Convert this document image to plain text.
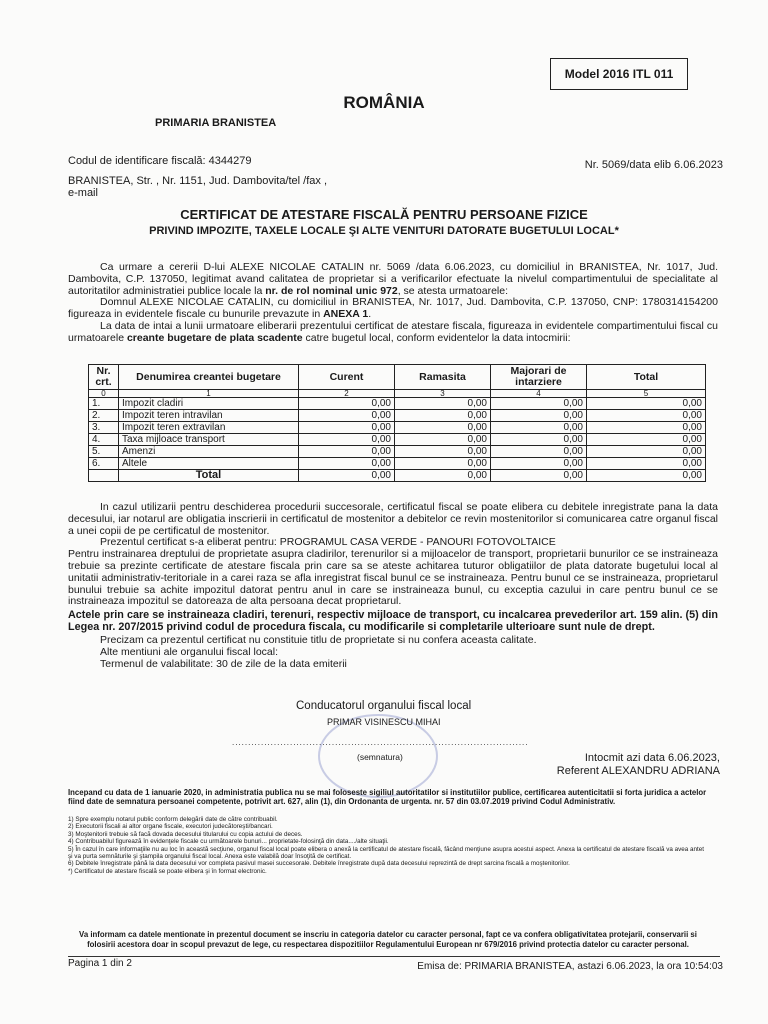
Model 2016 ITL 011
ROMÂNIA
PRIMARIA BRANISTEA
Codul de identificare fiscală: 4344279	Nr. 5069/data elib 6.06.2023
BRANISTEA, Str. , Nr. 1151, Jud. Dambovita/tel /fax ,
e-mail
CERTIFICAT DE ATESTARE FISCALĂ PENTRU PERSOANE FIZICE
PRIVIND IMPOZITE, TAXELE LOCALE ŞI ALTE VENITURI DATORATE BUGETULUI LOCAL*

Ca urmare a cererii D-lui ALEXE NICOLAE CATALIN nr. 5069 /data 6.06.2023, cu domiciliul in BRANISTEA, Nr. 1017, Jud. Dambovita, C.P. 137050, legitimat avand calitatea de proprietar si a verificarilor efectuate la nivelul compartimentului de specialitate al autoritatilor administratiei publice locale la nr. de rol nominal unic 972, se atesta urmatoarele:

Domnul ALEXE NICOLAE CATALIN, cu domiciliul in BRANISTEA, Nr. 1017, Jud. Dambovita, C.P. 137050, CNP: 1780314154200 figureaza in evidentele fiscale cu bunurile prevazute in ANEXA 1.

La data de intai a lunii urmatoare eliberarii prezentului certificat de atestare fiscala, figureaza in evidentele compartimentului fiscal cu urmatoarele creante bugetare de plata scadente catre bugetul local, conform evidentelor la data intocmirii:

Nr. crt.	Denumirea creantei bugetare	Curent	Ramasita	Majorari de intarziere	Total
0	1	2	3	4	5
1.	Impozit cladiri	0,00	0,00	0,00	0,00
2.	Impozit teren intravilan	0,00	0,00	0,00	0,00
3.	Impozit teren extravilan	0,00	0,00	0,00	0,00
4.	Taxa mijloace transport	0,00	0,00	0,00	0,00
5.	Amenzi	0,00	0,00	0,00	0,00
6.	Altele	0,00	0,00	0,00	0,00
	Total	0,00	0,00	0,00	0,00

In cazul utilizarii pentru deschiderea procedurii succesorale, certificatul fiscal se poate elibera cu debitele inregistrate pana la data decesului, iar notarul are obligatia inscrierii in certificatul de mostenitor a debitelor ce revin mostenitorilor si comunicarea catre organul fiscal a unei copii de pe certificatul de mostenitor.

Prezentul certificat s-a eliberat pentru: PROGRAMUL CASA VERDE - PANOURI FOTOVOLTAICE

Pentru instrainarea dreptului de proprietate asupra cladirilor, terenurilor si a mijloacelor de transport, proprietarii bunurilor ce se instraineaza trebuie sa prezinte certificate de atestare fiscala prin care sa se ateste achitarea tuturor obligatiilor de plata datorate bugetului local al unitatii administrativ-teritoriale in a carei raza se afla inregistrat fiscal bunul ce se instraineaza. Pentru bunul ce se instraineaza, proprietarul bunului trebuie sa achite impozitul datorat pentru anul in care se instraineaza bunul, cu exceptia cazului in care pentru bunul ce se instraineaza impozitul se datoreaza de alta persoana decat proprietarul.

Actele prin care se instraineaza cladiri, terenuri, respectiv mijloace de transport, cu incalcarea prevederilor art. 159 alin. (5) din Legea nr. 207/2015 privind codul de procedura fiscala, cu modificarile si completarile ulterioare sunt nule de drept.

Precizam ca prezentul certificat nu constituie titlu de proprietate si nu confera aceasta calitate.

Alte mentiuni ale organului fiscal local:

Termenul de valabilitate: 30 de zile de la data emiterii

Conducatorul organului fiscal local
PRIMAR VISINESCU MIHAI
............................................................................................
(semnatura)	Intocmit azi data 6.06.2023,
Referent ALEXANDRU ADRIANA
Incepand cu data de 1 ianuarie 2020, in administratia publica nu se mai foloseste sigiliul autoritatilor si institutiilor publice, certificarea autenticitatii si forta juridica a actelor fiind date de semnatura persoanei competente, potrivit art. 627, alin (1), din Ordonanta de urgenta. nr. 57 din 03.07.2019 privind Codul Administrativ.

1) Spre exemplu notarul public conform delegării date de către contribuabil.

2) Executorii fiscali ai altor organe fiscale, executori judecătoreşti/bancari.

3) Moştenitorii trebuie să facă dovada decesului titularului cu copia actului de deces.

4) Contribuabilul figurează în evidenţele fiscale cu următoarele bunuri... proprietate-folosinţă din data..../alte situaţii.

5) În cazul în care informaţiile nu au loc în această secţiune, organul fiscal local poate elibera o anexă la certificatul de atestare fiscală, făcând menţiune asupra acestui aspect. Anexa la certificatul de atestare fiscală va avea antet şi va purta semnăturile şi ştampila organului fiscal local. Anexa este valabilă doar însoţită de certificat.

6) Debitele înregistrate până la data decesului vor completa pasivul masei succesorale. Debitele înregistrate după data decesului reprezintă de drept sarcina fiscală a moştenitorilor.

*) Certificatul de atestare fiscală se poate elibera şi în format electronic.

Va informam ca datele mentionate in prezentul document se inscriu in categoria datelor cu caracter personal, fapt ce va confera obligativitatea protejarii, conservarii si folosirii acestora doar in scopul prevazut de lege, cu respectarea dispozitiilor Regulamentului European nr 679/2016 privind protectia datelor cu caracter personal.
Pagina 1 din 2	Emisa de: PRIMARIA BRANISTEA, astazi 6.06.2023, la ora 10:54:03
